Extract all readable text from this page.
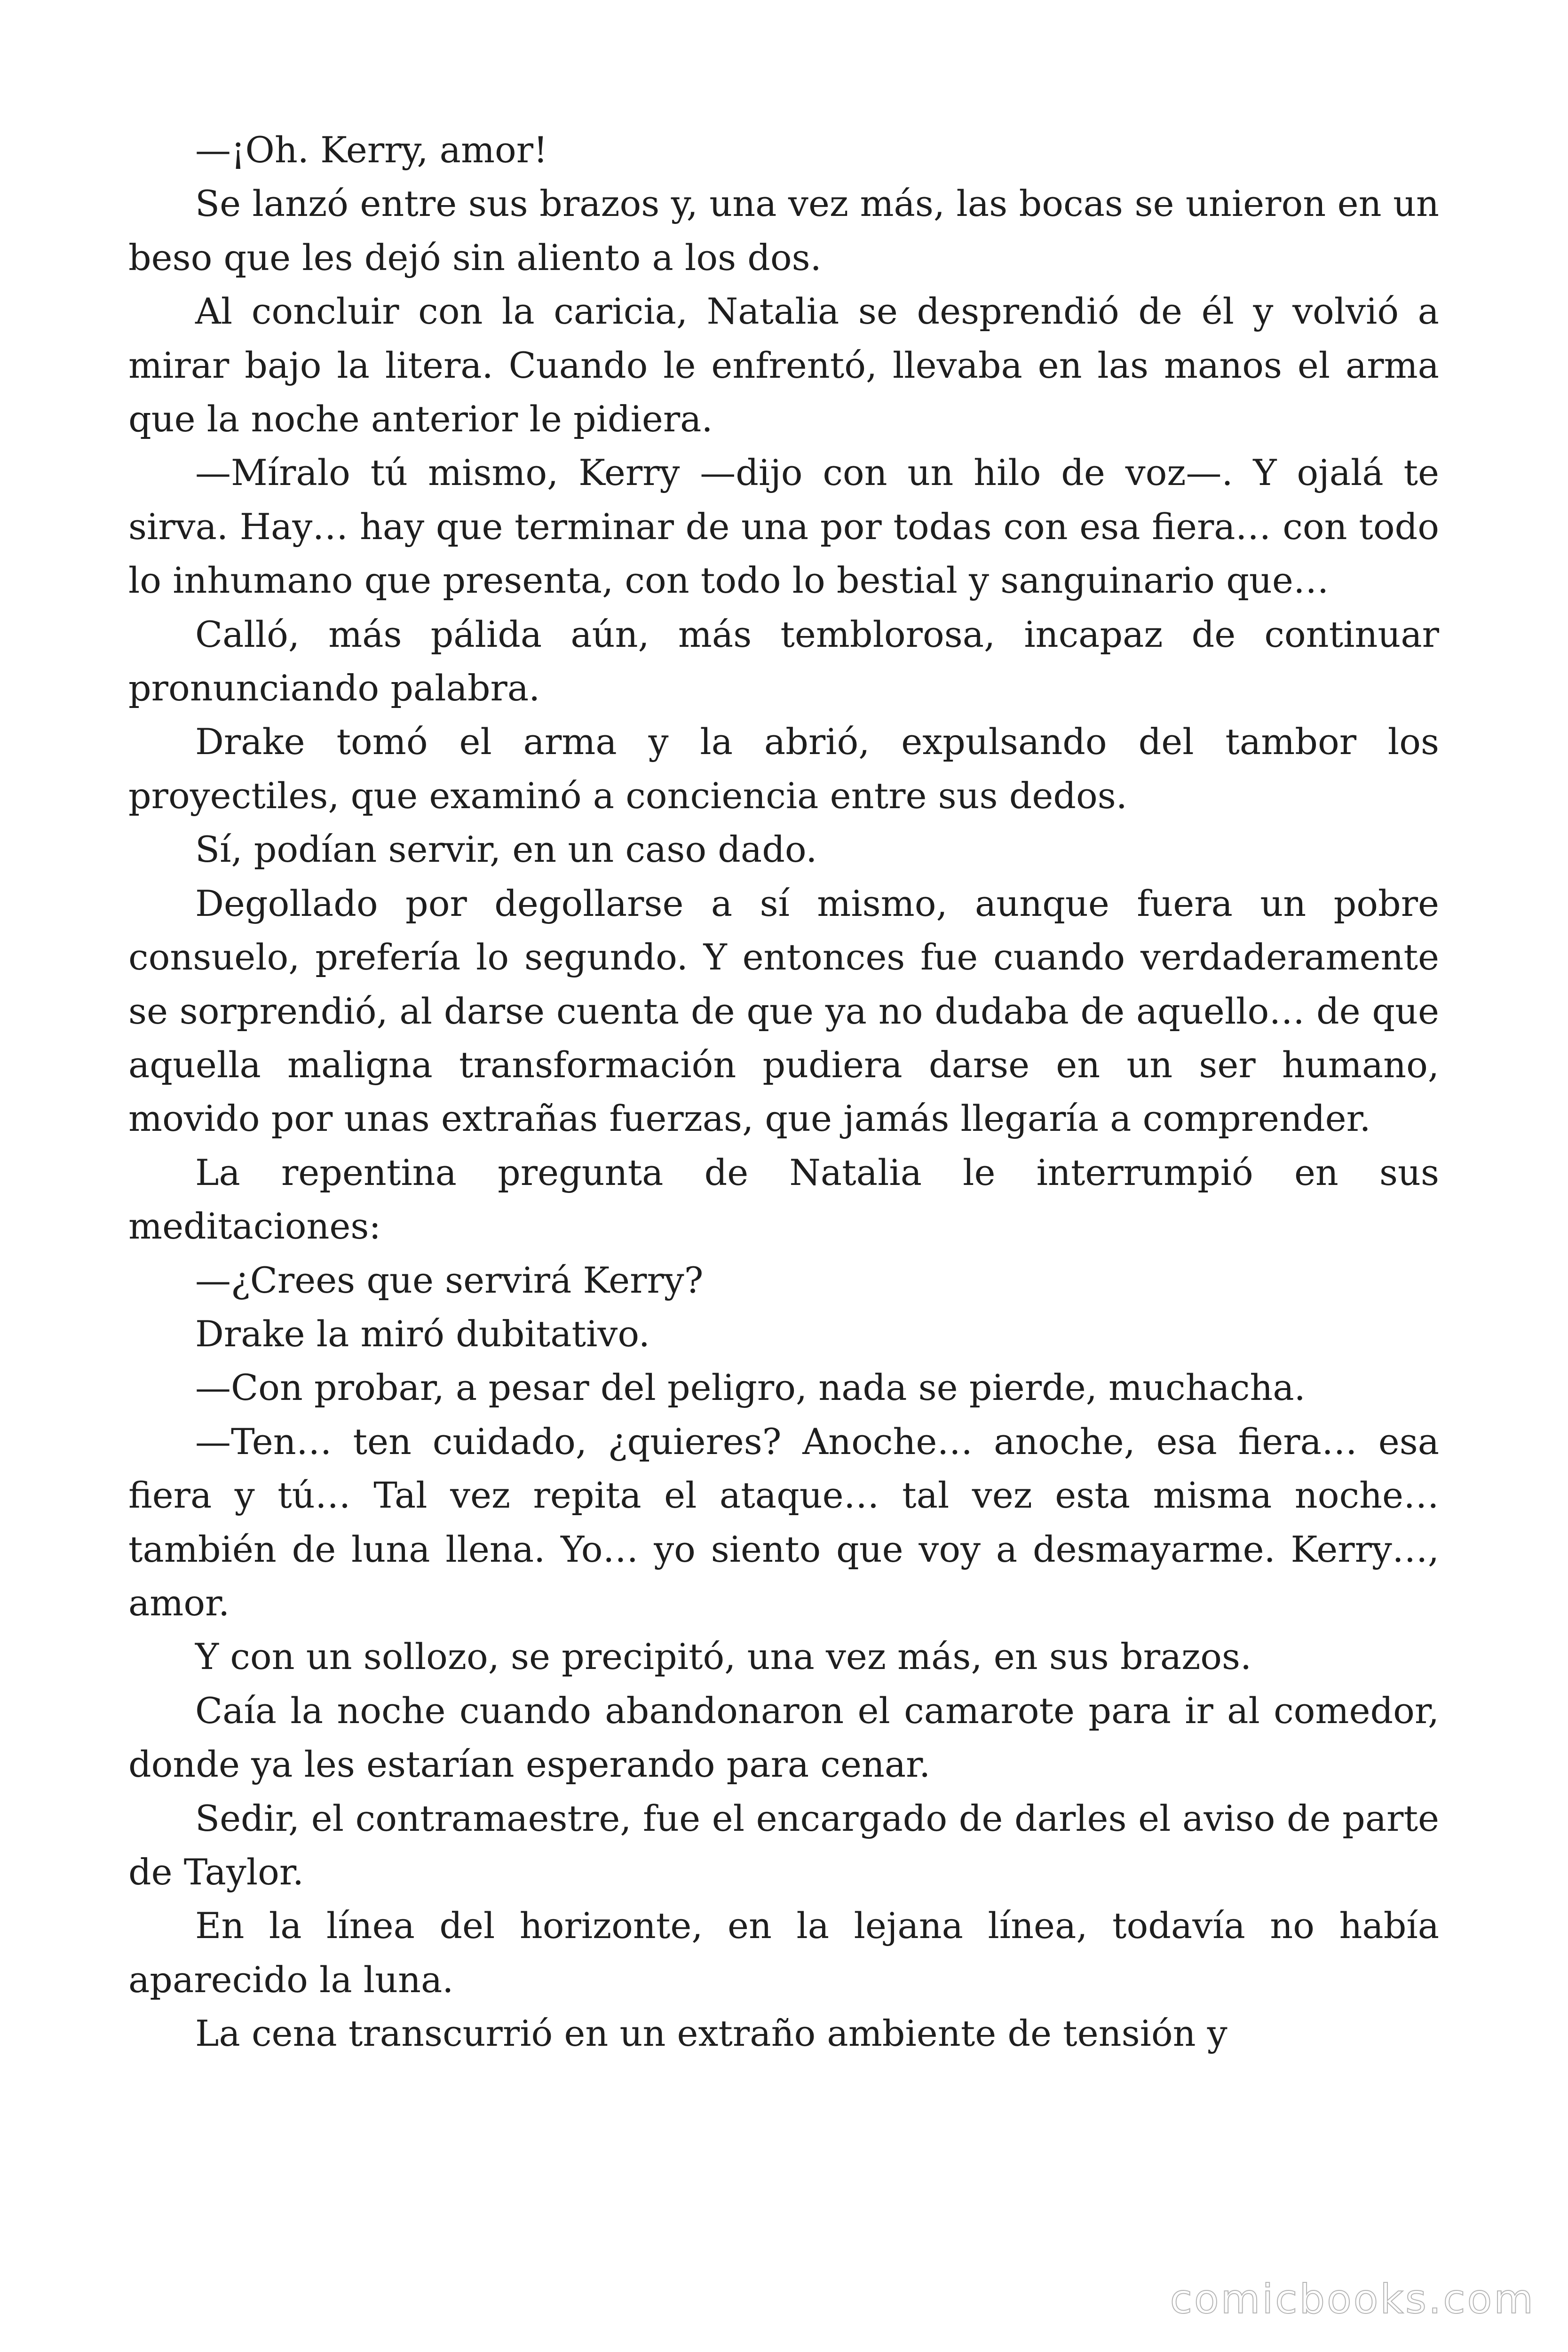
—¡Oh. Kerry, amor!

Se lanzó entre sus brazos y, una vez más, las bocas se unieron en un beso que les dejó sin aliento a los dos.

Al concluir con la caricia, Natalia se desprendió de él y volvió a mirar bajo la litera. Cuando le enfrentó, llevaba en las manos el arma que la noche anterior le pidiera.

—Míralo tú mismo, Kerry —dijo con un hilo de voz—. Y ojalá te sirva. Hay… hay que terminar de una por todas con esa fiera… con todo lo inhumano que presenta, con todo lo bestial y sanguinario que…

Calló, más pálida aún, más temblorosa, incapaz de continuar pronunciando palabra.

Drake tomó el arma y la abrió, expulsando del tambor los proyectiles, que examinó a conciencia entre sus dedos.

Sí, podían servir, en un caso dado.

Degollado por degollarse a sí mismo, aunque fuera un pobre consuelo, prefería lo segundo. Y entonces fue cuando verdaderamente se sorprendió, al darse cuenta de que ya no dudaba de aquello… de que aquella maligna transformación pudiera darse en un ser humano, movido por unas extrañas fuerzas, que jamás llegaría a comprender.

La repentina pregunta de Natalia le interrumpió en sus meditaciones:

—¿Crees que servirá Kerry?

Drake la miró dubitativo.

—Con probar, a pesar del peligro, nada se pierde, muchacha.

—Ten… ten cuidado, ¿quieres? Anoche… anoche, esa fiera… esa fiera y tú… Tal vez repita el ataque… tal vez esta misma noche… también de luna llena. Yo… yo siento que voy a desmayarme. Kerry…, amor.

Y con un sollozo, se precipitó, una vez más, en sus brazos.

Caía la noche cuando abandonaron el camarote para ir al comedor, donde ya les estarían esperando para cenar.

Sedir, el contramaestre, fue el encargado de darles el aviso de parte de Taylor.

En la línea del horizonte, en la lejana línea, todavía no había aparecido la luna.

La cena transcurrió en un extraño ambiente de tensión y

comicbooks.com
